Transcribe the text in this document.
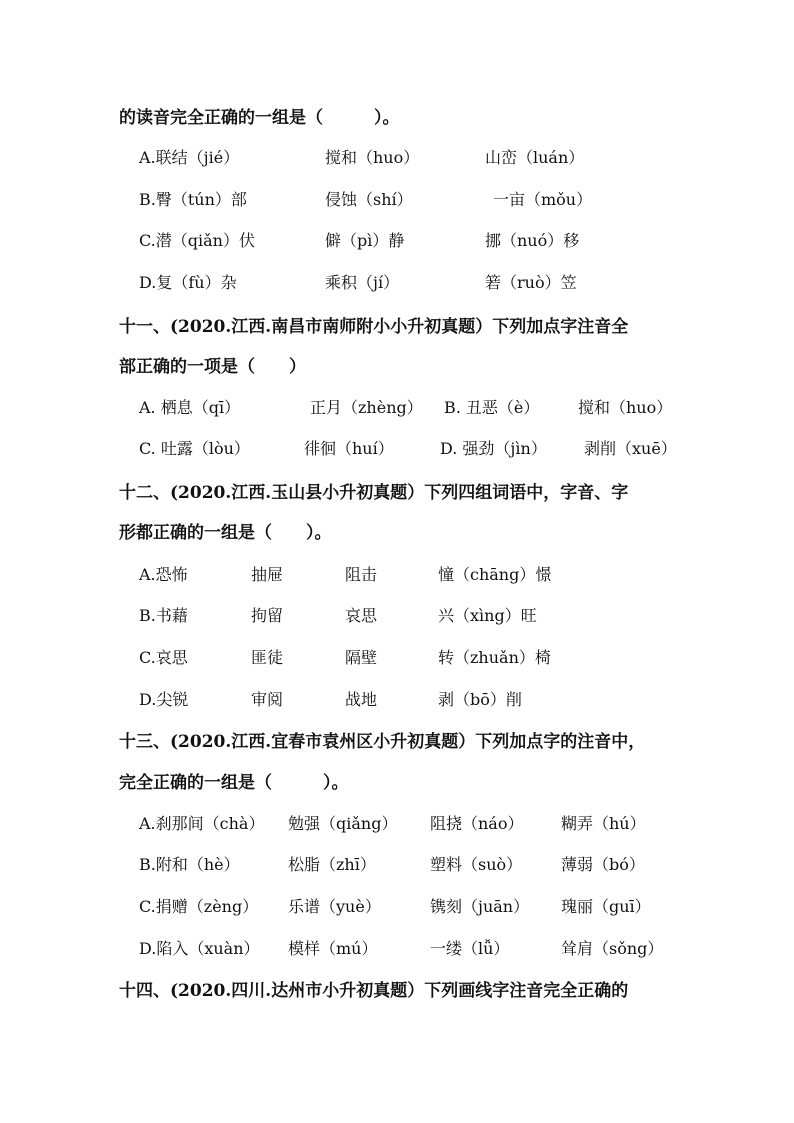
的读音完全正确的一组是（　　　）。
A.联结（jié）	搅和（huo）	山峦（luán）
B.臀（tún）部	侵蚀（shí）	一亩（mǒu）
C.潜（qiǎn）伏	僻（pì）静	挪（nuó）移
D.复（fù）杂	乘积（jí）	箬（ruò）笠
十一、(2020.江西.南昌市南师附小小升初真题）下列加点字注音全
部正确的一项是（　　）
A. 栖息（qī）	正月（zhèng） B. 丑恶（è） 搅和（huo）
C. 吐露（lòu）	徘徊（huí）	D. 强劲（jìn） 剥削（xuē）
十二、(2020.江西.玉山县小升初真题）下列四组词语中，字音、字
形都正确的一组是（　　）。
A.恐怖	抽屉	阻击	憧（chāng）憬
B.书藉	拘留	哀思	兴（xìng）旺
C.哀思	匪徒	隔壁	转（zhuǎn）椅
D.尖锐	审阅	战地	剥（bō）削
十三、(2020.江西.宜春市袁州区小升初真题）下列加点字的注音中，
完全正确的一组是（　　　）。
A.刹那间（chà） 勉强（qiǎng） 阻挠（náo） 糊弄（hú）
B.附和（hè）	松脂（zhī）	塑料（suò） 薄弱（bó）
C.捐赠（zèng） 乐谱（yuè）	镌刻（juān） 瑰丽（guī）
D.陷入（xuàn） 模样（mú）	一缕（lǚ）	耸肩（sǒng）
十四、(2020.四川.达州市小升初真题）下列画线字注音完全正确的
